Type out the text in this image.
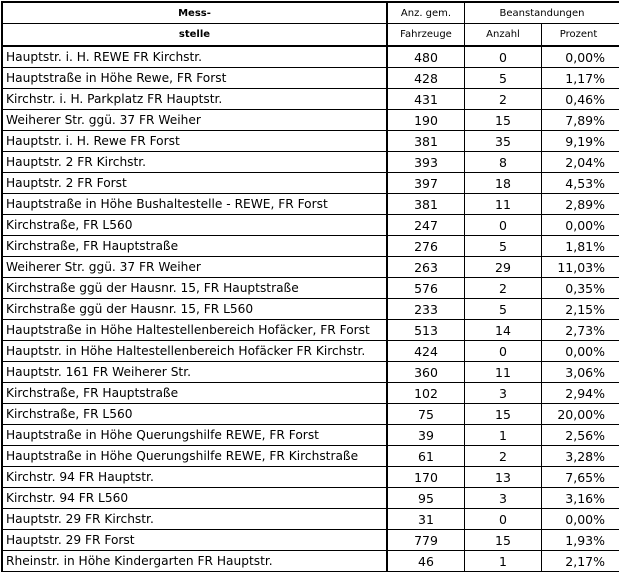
Mess-	Anz. gem.	Beanstandungen
stelle	Fahrzeuge	Anzahl	Prozent
Hauptstr. i. H. REWE FR Kirchstr.	480	0	0,00%
Hauptstraße in Höhe Rewe, FR Forst	428	5	1,17%
Kirchstr. i. H. Parkplatz FR Hauptstr.	431	2	0,46%
Weiherer Str. ggü. 37 FR Weiher	190	15	7,89%
Hauptstr. i. H. Rewe FR Forst	381	35	9,19%
Hauptstr. 2 FR Kirchstr.	393	8	2,04%
Hauptstr. 2 FR Forst	397	18	4,53%
Hauptstraße in Höhe Bushaltestelle - REWE, FR Forst	381	11	2,89%
Kirchstraße, FR L560	247	0	0,00%
Kirchstraße, FR Hauptstraße	276	5	1,81%
Weiherer Str. ggü. 37 FR Weiher	263	29	11,03%
Kirchstraße ggü der Hausnr. 15, FR Hauptstraße	576	2	0,35%
Kirchstraße ggü der Hausnr. 15, FR L560	233	5	2,15%
Hauptstraße in Höhe Haltestellenbereich Hofäcker, FR Forst	513	14	2,73%
Hauptstr. in Höhe Haltestellenbereich Hofäcker FR Kirchstr.	424	0	0,00%
Hauptstr. 161 FR Weiherer Str.	360	11	3,06%
Kirchstraße, FR Hauptstraße	102	3	2,94%
Kirchstraße, FR L560	75	15	20,00%
Hauptstraße in Höhe Querungshilfe REWE, FR Forst	39	1	2,56%
Hauptstraße in Höhe Querungshilfe REWE, FR Kirchstraße	61	2	3,28%
Kirchstr. 94 FR Hauptstr.	170	13	7,65%
Kirchstr. 94 FR L560	95	3	3,16%
Hauptstr. 29 FR Kirchstr.	31	0	0,00%
Hauptstr. 29 FR Forst	779	15	1,93%
Rheinstr. in Höhe Kindergarten FR Hauptstr.	46	1	2,17%
